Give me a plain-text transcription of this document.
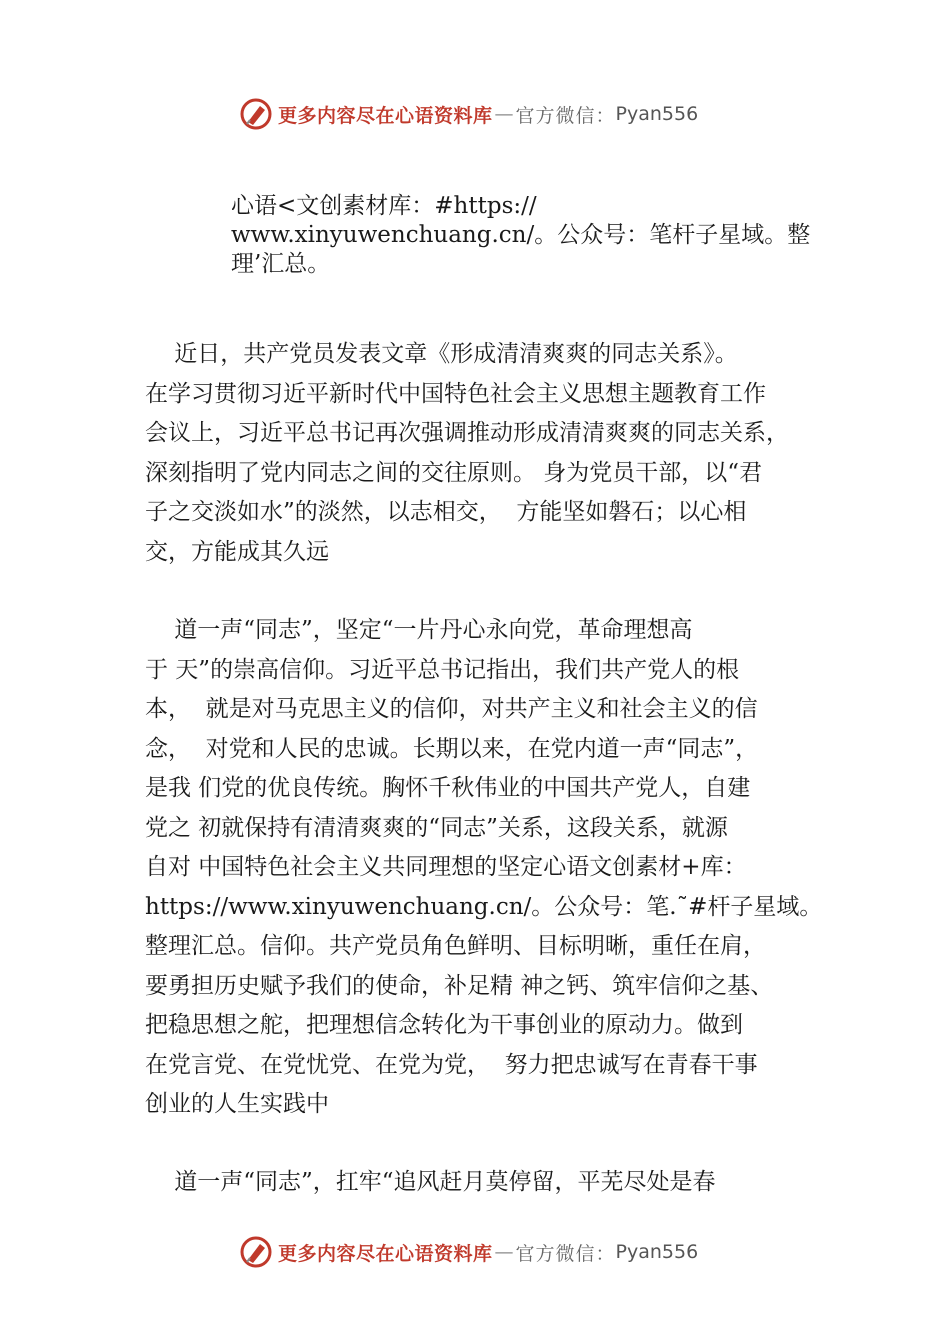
更多内容尽在心语资料库 — 官方微信： Pyan556
心语<文创素材库：#https://
www.xinyuwenchuang.cn/。公众号：笔杆子星域。整
理’汇总。
近日，共产党员发表文章《形成清清爽爽的同志关系》。
在学习贯彻习近平新时代中国特色社会主义思想主题教育工作
会议上，习近平总书记再次强调推动形成清清爽爽的同志关系，
深刻指明了党内同志之间的交往原则。 身为党员干部，以“君
子之交淡如水”的淡然，以志相交，  方能坚如磐石；以心相
交，方能成其久远
道一声“同志”，坚定“一片丹心永向党，革命理想高
于 天”的崇高信仰。习近平总书记指出，我们共产党人的根
本，  就是对马克思主义的信仰，对共产主义和社会主义的信
念，  对党和人民的忠诚。长期以来，在党内道一声“同志”，
是我 们党的优良传统。胸怀千秋伟业的中国共产党人，自建
党之 初就保持有清清爽爽的“同志”关系，这段关系，就源
自对 中国特色社会主义共同理想的坚定心语文创素材+库：
https://www.xinyuwenchuang.cn/。公众号：笔.˜#杆子星域。
整理汇总。信仰。共产党员角色鲜明、目标明晰，重任在肩，
要勇担历史赋予我们的使命，补足精 神之钙、筑牢信仰之基、
把稳思想之舵，把理想信念转化为干事创业的原动力。做到
在党言党、在党忧党、在党为党，  努力把忠诚写在青春干事
创业的人生实践中
道一声“同志”，扛牢“追风赶月莫停留，平芜尽处是春
更多内容尽在心语资料库 — 官方微信： Pyan556
